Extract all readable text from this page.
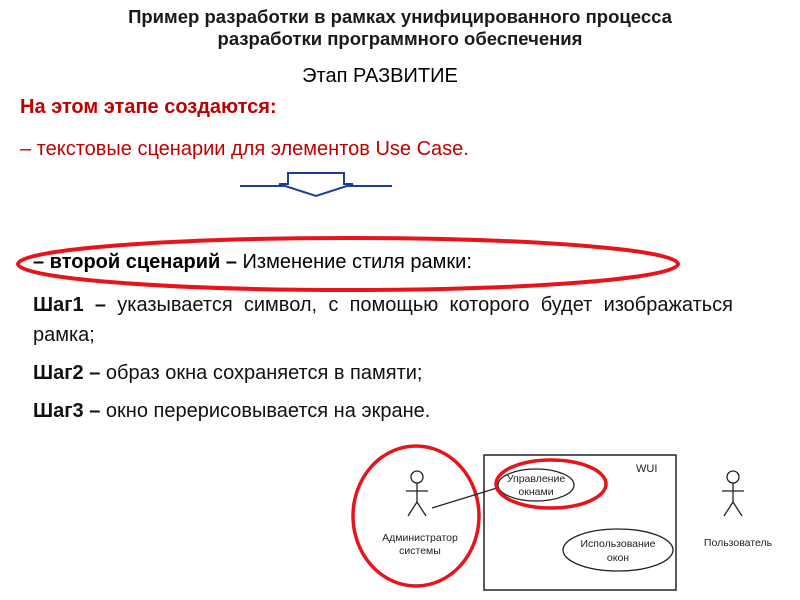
Пример разработки в рамках унифицированного процесса
разработки программного обеспечения
Этап РАЗВИТИЕ
На этом этапе создаются:
– текстовые сценарии для элементов Use Case.
– второй сценарий – Изменение стиля рамки:

Шаг1 – указывается символ, с помощью которого будет изображаться рамка;

Шаг2 – образ окна сохраняется в памяти;

Шаг3 – окно перерисовывается на экране.

WUI
Администратор
системы
Управление
окнами
Использование
окон
Пользователь
